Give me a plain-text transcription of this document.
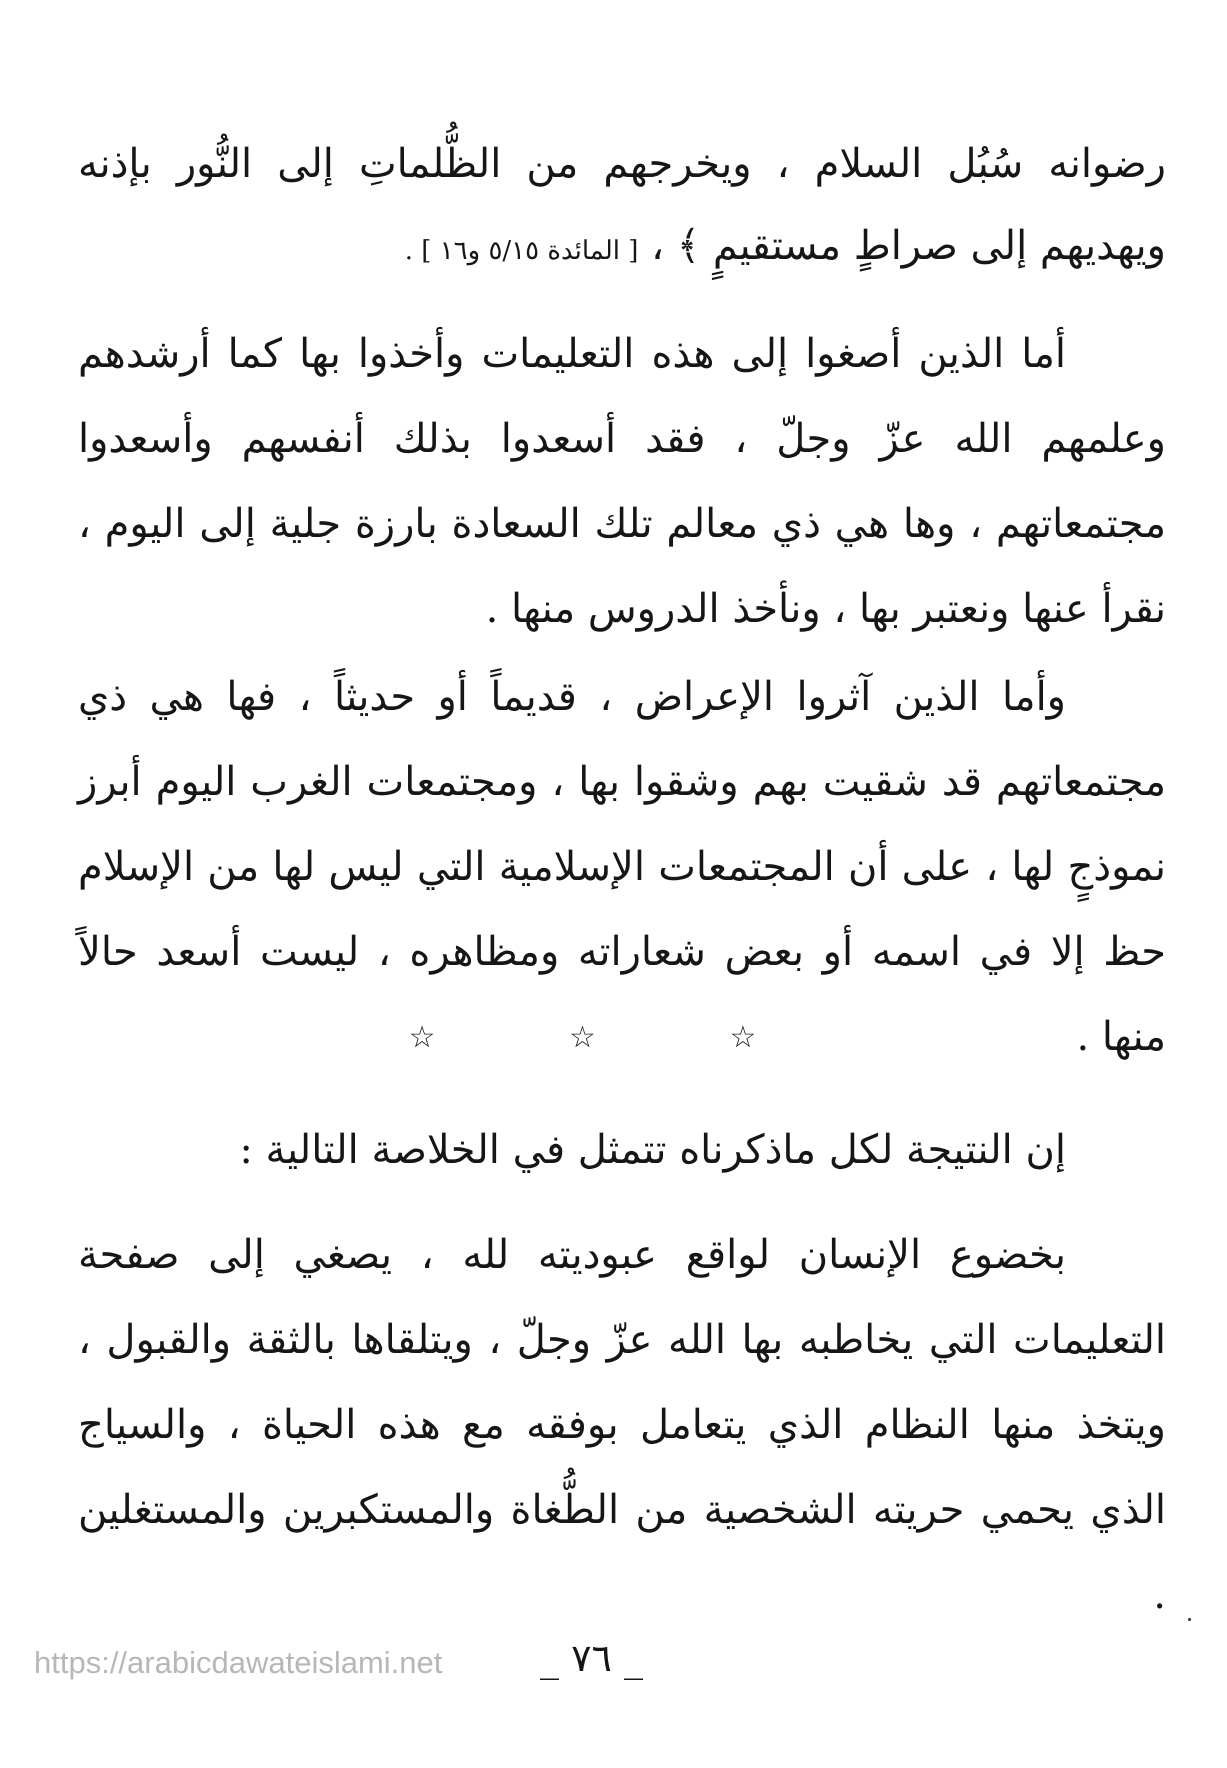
رضوانه سُبُل السلام ، ويخرجهم من الظُّلماتِ إلى النُّور بإذنه ويهديهم إلى صراطٍ مستقيمٍ ﴾ ، [ المائدة ٥/١٥ و١٦ ] .

أما الذين أصغوا إلى هذه التعليمات وأخذوا بها كما أرشدهم وعلمهم الله عزّ وجلّ ، فقد أسعدوا بذلك أنفسهم وأسعدوا مجتمعاتهم ، وها هي ذي معالم تلك السعادة بارزة جلية إلى اليوم ، نقرأ عنها ونعتبر بها ، ونأخذ الدروس منها .

وأما الذين آثروا الإعراض ، قديماً أو حديثاً ، فها هي ذي مجتمعاتهم قد شقيت بهم وشقوا بها ، ومجتمعات الغرب اليوم أبرز نموذجٍ لها ، على أن المجتمعات الإسلامية التي ليس لها من الإسلام حظ إلا في اسمه أو بعض شعاراته ومظاهره ، ليست أسعد حالاً منها .

☆ ☆ ☆

إن النتيجة لكل ماذكرناه تتمثل في الخلاصة التالية :

بخضوع الإنسان لواقع عبوديته لله ، يصغي إلى صفحة التعليمات التي يخاطبه بها الله عزّ وجلّ ، ويتلقاها بالثقة والقبول ، ويتخذ منها النظام الذي يتعامل بوفقه مع هذه الحياة ، والسياج الذي يحمي حريته الشخصية من الطُّغاة والمستكبرين والمستغلين .

https://arabicdawateislami.net	_ ٧٦ _
